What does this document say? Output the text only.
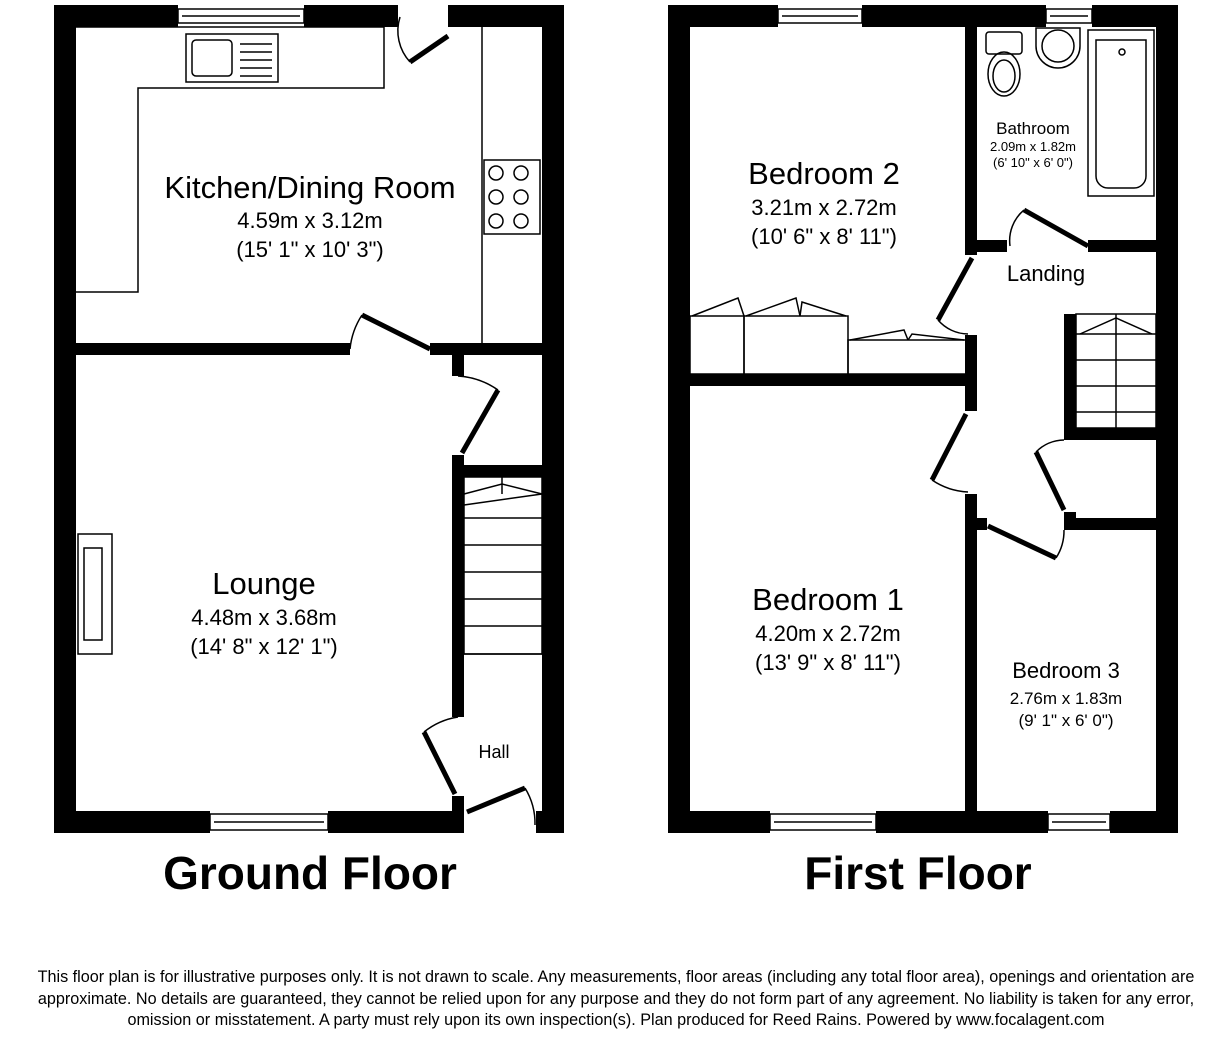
Kitchen/Dining Room
4.59m x 3.12m
(15' 1" x 10' 3")
Lounge
4.48m x 3.68m
(14' 8" x 12' 1")
Hall
Ground Floor
Bedroom 2
3.21m x 2.72m
(10' 6" x 8' 11")
Bathroom
2.09m x 1.82m
(6' 10" x 6' 0")
Landing
Bedroom 1
4.20m x 2.72m
(13' 9" x 8' 11")	Bedroom 3
2.76m x 1.83m
(9' 1" x 6' 0")
First Floor
This floor plan is for illustrative purposes only. It is not drawn to scale. Any measurements, floor areas (including any total floor area), openings and orientation are approximate. No details are guaranteed, they cannot be relied upon for any purpose and they do not form part of any agreement. No liability is taken for any error, omission or misstatement. A party must rely upon its own inspection(s). Plan produced for Reed Rains. Powered by www.focalagent.com
